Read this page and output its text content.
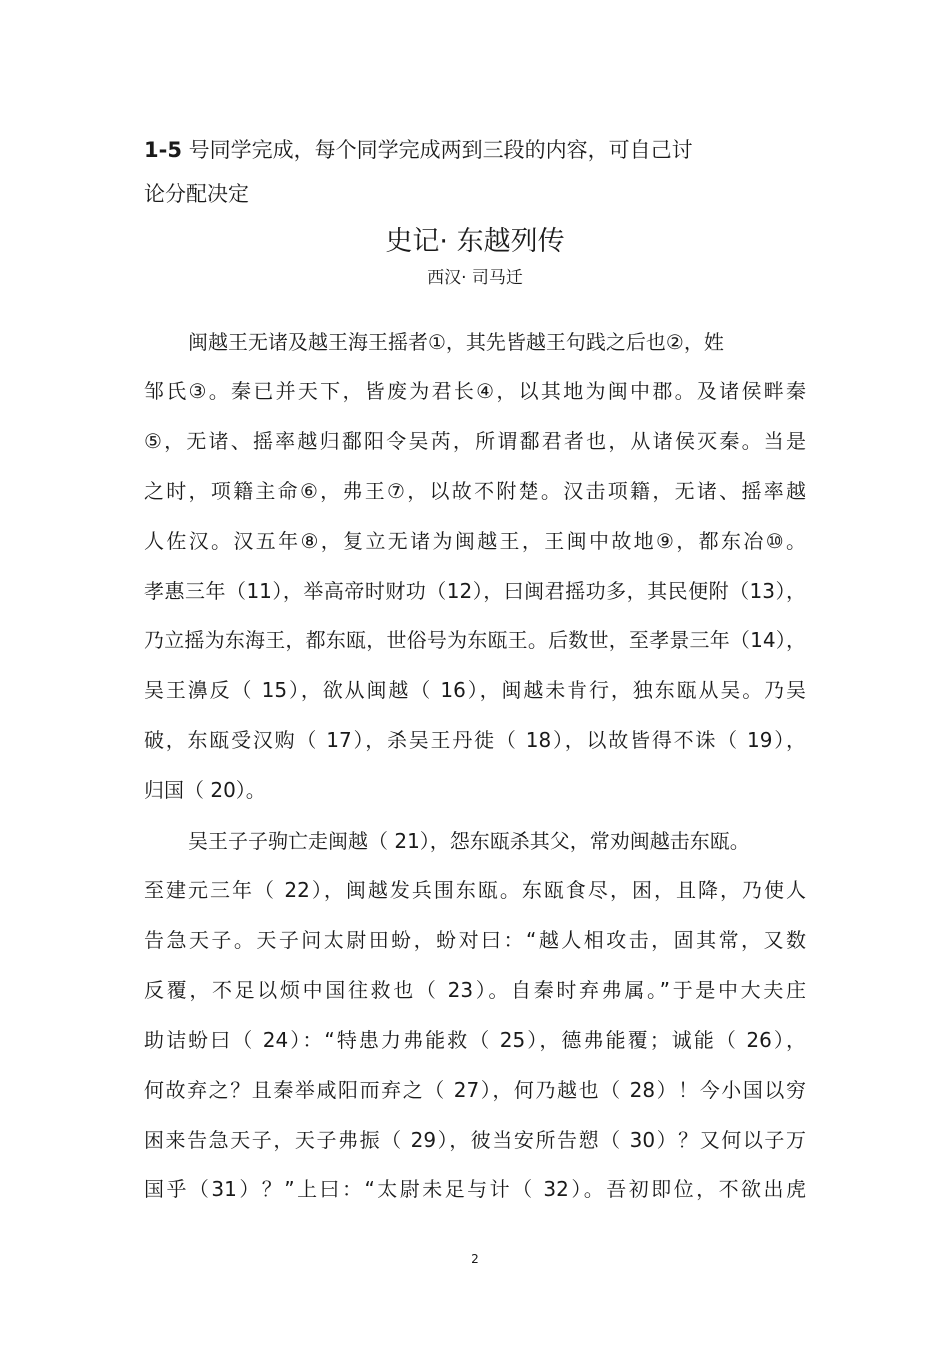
1-5 号同学完成，每个同学完成两到三段的内容，可自己讨
论分配决定
史记· 东越列传
西汉· 司马迁
闽越王无诸及越王海王摇者①，其先皆越王句践之后也②，姓
邹氏③。秦已并天下，皆废为君长④，以其地为闽中郡。及诸侯畔秦
⑤，无诸、摇率越归鄱阳令吴芮，所谓鄱君者也，从诸侯灭秦。当是
之时，项籍主命⑥，弗王⑦，以故不附楚。汉击项籍，无诸、摇率越
人佐汉。汉五年⑧，复立无诸为闽越王，王闽中故地⑨，都东冶⑩。
孝惠三年（11），举高帝时财功（12），曰闽君摇功多，其民便附（13），
乃立摇为东海王，都东瓯，世俗号为东瓯王。后数世，至孝景三年（14），
吴王濞反（ 15），欲从闽越（ 16），闽越未肯行，独东瓯从吴。乃吴
破，东瓯受汉购（ 17），杀吴王丹徙（ 18），以故皆得不诛（ 19），
归国（ 20）。
吴王子子驹亡走闽越（ 21），怨东瓯杀其父，常劝闽越击东瓯。
至建元三年（ 22），闽越发兵围东瓯。东瓯食尽，困，且降，乃使人
告急天子。天子问太尉田蚡，蚡对曰：“越人相攻击，固其常，又数
反覆，不足以烦中国往救也（ 23）。自秦时弃弗属。”于是中大夫庄
助诘蚡曰（ 24）：“特患力弗能救（ 25），德弗能覆；诚能（ 26），
何故弃之？且秦举咸阳而弃之（ 27），何乃越也（ 28）！今小国以穷
困来告急天子，天子弗振（ 29），彼当安所告愬（ 30）？又何以子万
国乎（31）？”上曰：“太尉未足与计（ 32）。吾初即位，不欲出虎
2
